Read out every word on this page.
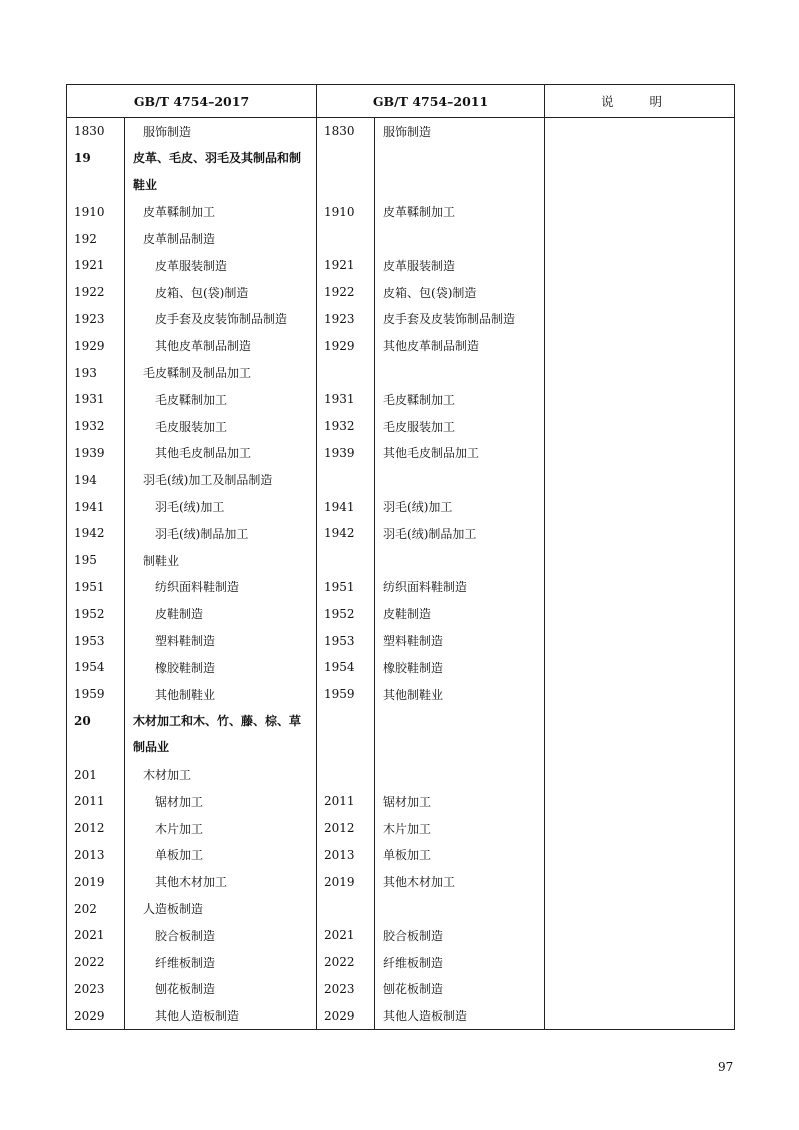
GB/T 4754–2017		GB/T 4754–2011		说 明
1830	服饰制造	1830	服饰制造	
19	皮革、毛皮、羽毛及其制品和制鞋业			
1910	皮革鞣制加工	1910	皮革鞣制加工	
192	皮革制品制造			
1921	皮革服装制造	1921	皮革服装制造	
1922	皮箱、包(袋)制造	1922	皮箱、包(袋)制造	
1923	皮手套及皮装饰制品制造	1923	皮手套及皮装饰制品制造	
1929	其他皮革制品制造	1929	其他皮革制品制造	
193	毛皮鞣制及制品加工			
1931	毛皮鞣制加工	1931	毛皮鞣制加工	
1932	毛皮服装加工	1932	毛皮服装加工	
1939	其他毛皮制品加工	1939	其他毛皮制品加工	
194	羽毛(绒)加工及制品制造			
1941	羽毛(绒)加工	1941	羽毛(绒)加工	
1942	羽毛(绒)制品加工	1942	羽毛(绒)制品加工	
195	制鞋业			
1951	纺织面料鞋制造	1951	纺织面料鞋制造	
1952	皮鞋制造	1952	皮鞋制造	
1953	塑料鞋制造	1953	塑料鞋制造	
1954	橡胶鞋制造	1954	橡胶鞋制造	
1959	其他制鞋业	1959	其他制鞋业	
20	木材加工和木、竹、藤、棕、草制品业			
201	木材加工			
2011	锯材加工	2011	锯材加工	
2012	木片加工	2012	木片加工	
2013	单板加工	2013	单板加工	
2019	其他木材加工	2019	其他木材加工	
202	人造板制造			
2021	胶合板制造	2021	胶合板制造	
2022	纤维板制造	2022	纤维板制造	
2023	刨花板制造	2023	刨花板制造	
2029	其他人造板制造	2029	其他人造板制造	
97
